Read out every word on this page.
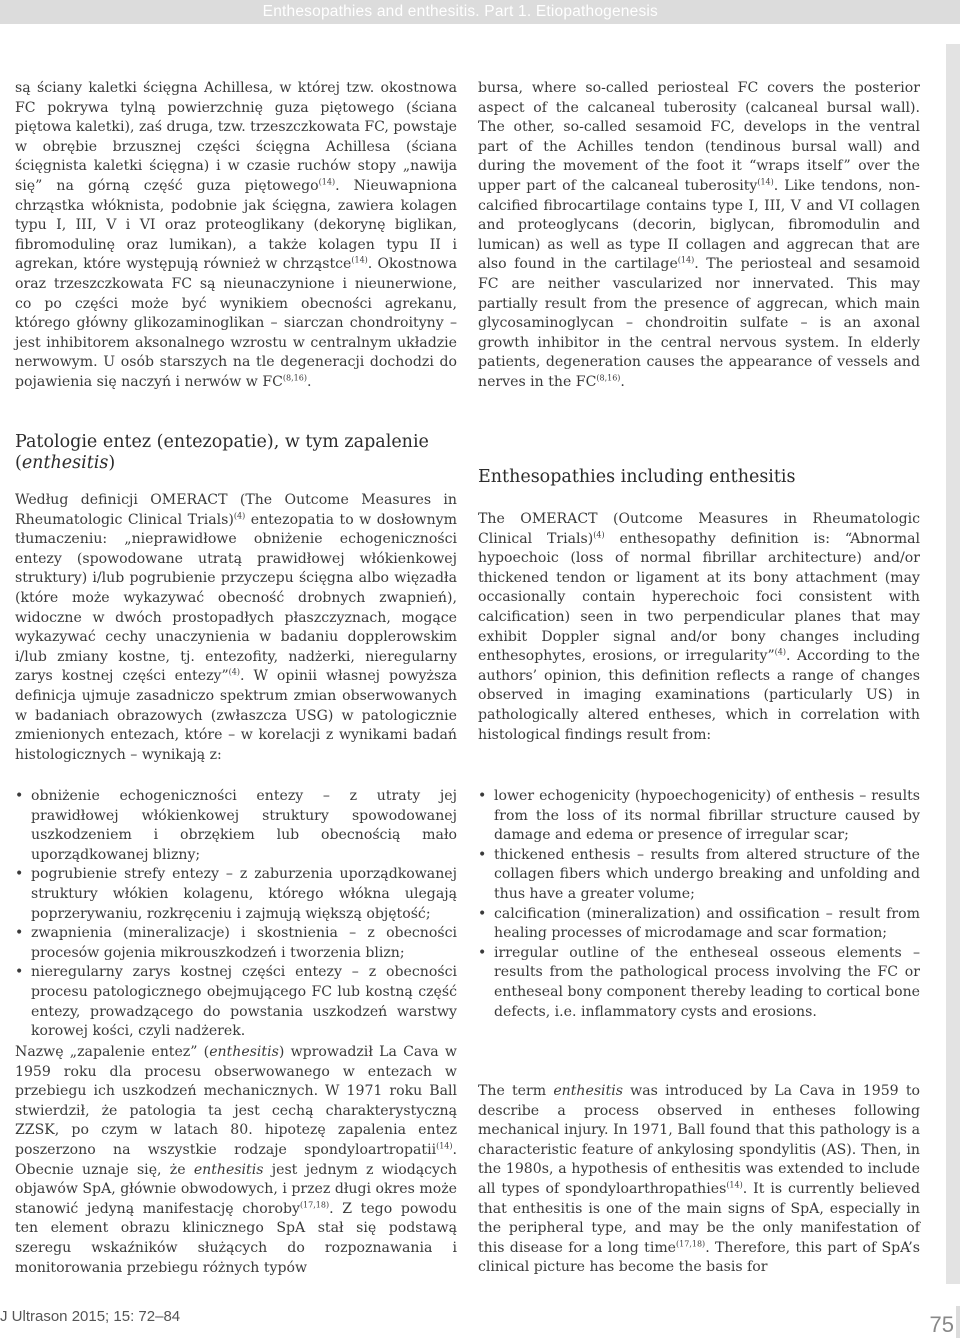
Enthesopathies and enthesitis. Part 1. Etiopathogenesis

są ściany kaletki ścięgna Achillesa, w której tzw. okostnowa FC pokrywa tylną powierzchnię guza piętowego (ściana piętowa kaletki), zaś druga, tzw. trzeszczkowata FC, powstaje w obrębie brzusznej części ścięgna Achillesa (ściana ścięgnista kaletki ścięgna) i w czasie ruchów stopy „nawija się” na górną część guza piętowego$^{(14)}$. Nieuwapniona chrząstka włóknista, podobnie jak ścięgna, zawiera kolagen typu I, III, V i VI oraz proteoglikany (dekorynę biglikan, fibromodulinę oraz lumikan), a także kolagen typu II i agrekan, które występują również w chrząstce$^{(14)}$. Okostnowa oraz trzeszczkowata FC są nieunaczynione i nieunerwione, co po części może być wynikiem obecności agrekanu, którego główny glikozaminoglikan – siarczan chondroityny – jest inhibitorem aksonalnego wzrostu w centralnym układzie nerwowym. U osób starszych na tle degeneracji dochodzi do pojawienia się naczyń i nerwów w FC$^{(8,16)}$.

bursa, where so-called periosteal FC covers the posterior aspect of the calcaneal tuberosity (calcaneal bursal wall). The other, so-called sesamoid FC, develops in the ventral part of the Achilles tendon (tendinous bursal wall) and during the movement of the foot it “wraps itself” over the upper part of the calcaneal tuberosity$^{(14)}$. Like tendons, non-calcified fibrocartilage contains type I, III, V and VI collagen and proteoglycans (decorin, biglycan, fibromodulin and lumican) as well as type II collagen and aggrecan that are also found in the cartilage$^{(14)}$. The periosteal and sesamoid FC are neither vascularized nor innervated. This may partially result from the presence of aggrecan, which main glycosaminoglycan – chondroitin sulfate – is an axonal growth inhibitor in the central nervous system. In elderly patients, degeneration causes the appearance of vessels and nerves in the FC$^{(8,16)}$.

Patologie entez (entezopatie), w tym zapalenie (enthesitis)
Enthesopathies including enthesitis

Według definicji OMERACT (The Outcome Measures in Rheumatologic Clinical Trials)$^{(4)}$ entezopatia to w dosłownym tłumaczeniu: „nieprawidłowe obniżenie echogeniczności entezy (spowodowane utratą prawidłowej włókienkowej struktury) i/lub pogrubienie przyczepu ścięgna albo więzadła (które może wykazywać obecność drobnych zwapnień), widoczne w dwóch prostopadłych płaszczyznach, mogące wykazywać cechy unaczynienia w badaniu dopplerowskim i/lub zmiany kostne, tj. entezofity, nadżerki, nieregularny zarys kostnej części entezy”$^{(4)}$. W opinii własnej powyższa definicja ujmuje zasadniczo spektrum zmian obserwowanych w badaniach obrazowych (zwłaszcza USG) w patologicznie zmienionych entezach, które – w korelacji z wynikami badań histologicznych – wynikają z:

• obniżenie echogeniczności entezy – z utraty jej prawidłowej włókienkowej struktury spowodowanej uszkodzeniem i obrzękiem lub obecnością mało uporządkowanej blizny;
• pogrubienie strefy entezy – z zaburzenia uporządkowanej struktury włókien kolagenu, którego włókna ulegają poprzerywaniu, rozkręceniu i zajmują większą objętość;
• zwapnienia (mineralizacje) i skostnienia – z obecności procesów gojenia mikrouszkodzeń i tworzenia blizn;
• nieregularny zarys kostnej części entezy – z obecności procesu patologicznego obejmującego FC lub kostną część entezy, prowadzącego do powstania uszkodzeń warstwy korowej kości, czyli nadżerek.

Nazwę „zapalenie entez” (enthesitis) wprowadził La Cava w 1959 roku dla procesu obserwowanego w entezach w przebiegu ich uszkodzeń mechanicznych. W 1971 roku Ball stwierdził, że patologia ta jest cechą charakterystyczną ZZSK, po czym w latach 80. hipotezę zapalenia entez poszerzono na wszystkie rodzaje spondyloartropatii$^{(14)}$. Obecnie uznaje się, że enthesitis jest jednym z wiodących objawów SpA, głównie obwodowych, i przez długi okres może stanowić jedyną manifestację choroby$^{(17,18)}$. Z tego powodu ten element obrazu klinicznego SpA stał się podstawą szeregu wskaźników służących do rozpoznawania i monitorowania przebiegu różnych typów

The OMERACT (Outcome Measures in Rheumatologic Clinical Trials)$^{(4)}$ enthesopathy definition is: “Abnormal hypoechoic (loss of normal fibrillar architecture) and/or thickened tendon or ligament at its bony attachment (may occasionally contain hyperechoic foci consistent with calcification) seen in two perpendicular planes that may exhibit Doppler signal and/or bony changes including enthesophytes, erosions, or irregularity”$^{(4)}$. According to the authors’ opinion, this definition reflects a range of changes observed in imaging examinations (particularly US) in pathologically altered entheses, which in correlation with histological findings result from:

• lower echogenicity (hypoechogenicity) of enthesis – results from the loss of its normal fibrillar structure caused by damage and edema or presence of irregular scar;
• thickened enthesis – results from altered structure of the collagen fibers which undergo breaking and unfolding and thus have a greater volume;
• calcification (mineralization) and ossification – result from healing processes of microdamage and scar formation;
• irregular outline of the entheseal osseous elements – results from the pathological process involving the FC or entheseal bony component thereby leading to cortical bone defects, i.e. inflammatory cysts and erosions.

The term enthesitis was introduced by La Cava in 1959 to describe a process observed in entheses following mechanical injury. In 1971, Ball found that this pathology is a characteristic feature of ankylosing spondylitis (AS). Then, in the 1980s, a hypothesis of enthesitis was extended to include all types of spondyloarthropathies$^{(14)}$. It is currently believed that enthesitis is one of the main signs of SpA, especially in the peripheral type, and may be the only manifestation of this disease for a long time$^{(17,18)}$. Therefore, this part of SpA’s clinical picture has become the basis for

J Ultrason 2015; 15: 72–84	75
